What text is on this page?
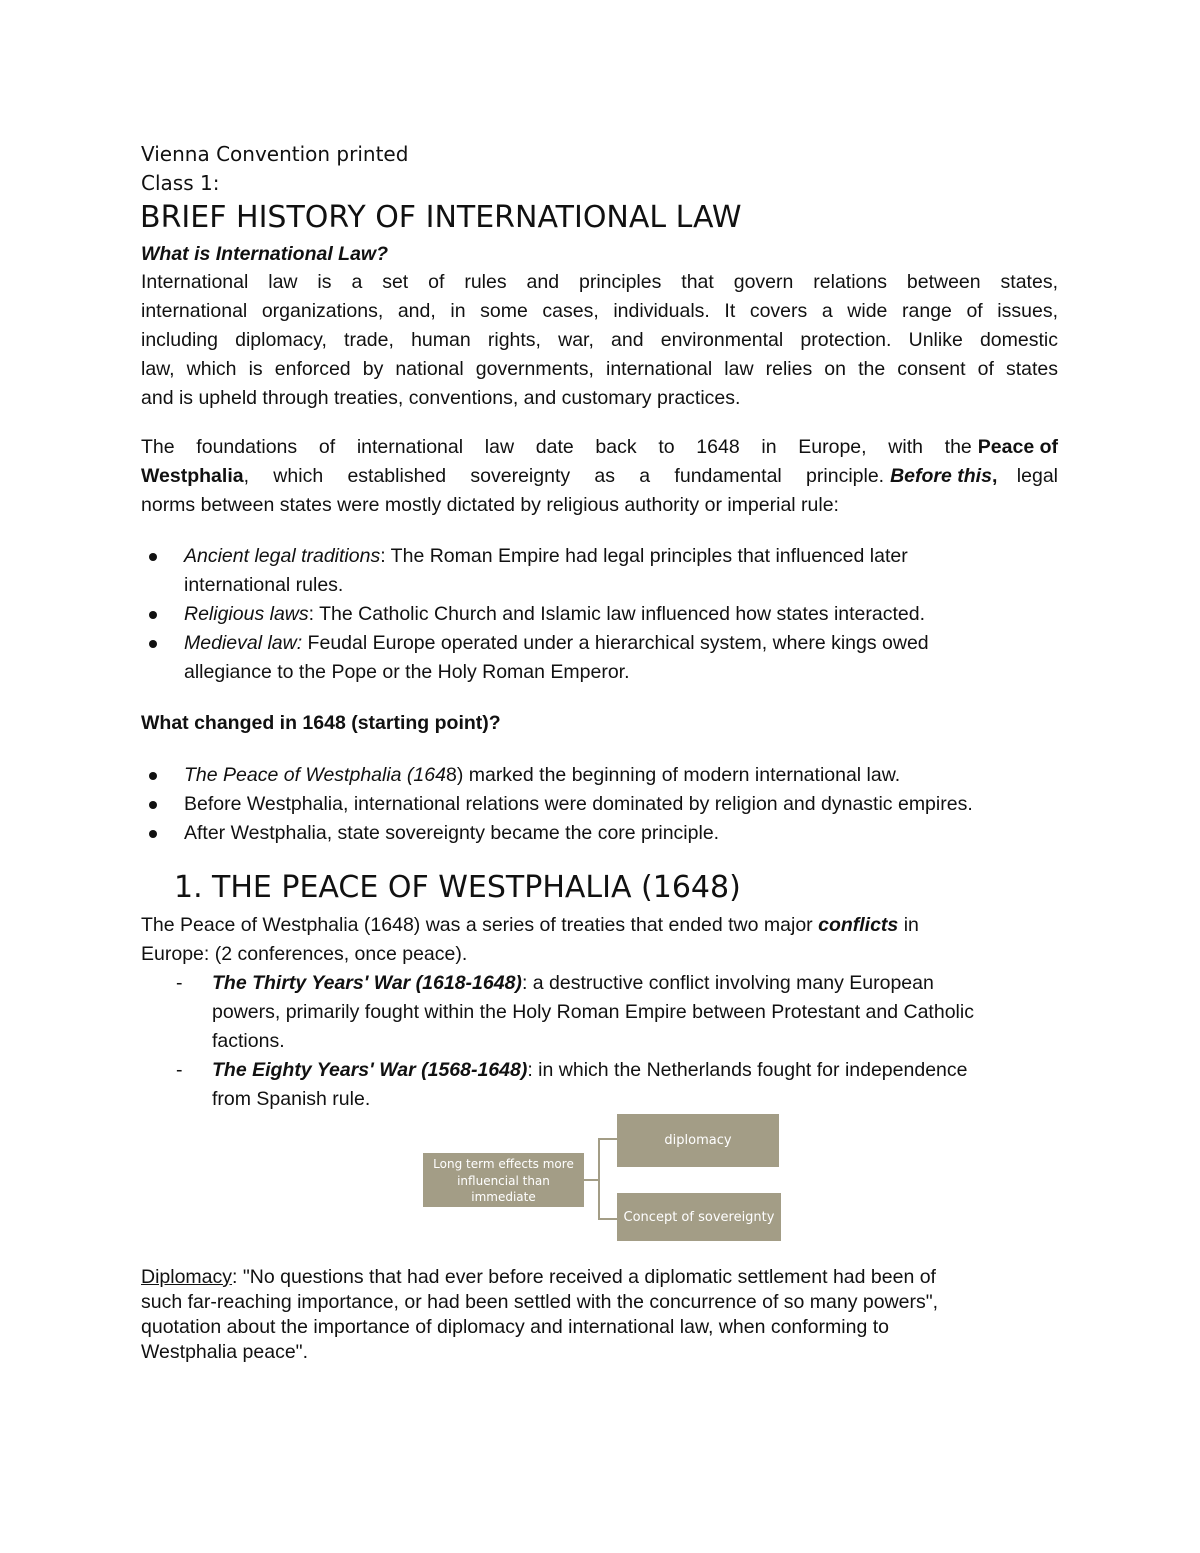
Vienna Convention printed
Class 1:
BRIEF HISTORY OF INTERNATIONAL LAW
What is International Law?
International law is a set of rules and principles that govern relations between states,
international organizations, and, in some cases, individuals. It covers a wide range of issues,
including diplomacy, trade, human rights, war, and environmental protection. Unlike domestic
law, which is enforced by national governments, international law relies on the consent of states
and is upheld through treaties, conventions, and customary practices.
The foundations of international law date back to 1648 in Europe, with the Peace of
Westphalia , which established sovereignty as a fundamental principle. Before this, legal
norms between states were mostly dictated by religious authority or imperial rule:
Ancient legal traditions: The Roman Empire had legal principles that influenced later
international rules.
Religious laws: The Catholic Church and Islamic law influenced how states interacted.
Medieval law: Feudal Europe operated under a hierarchical system, where kings owed
allegiance to the Pope or the Holy Roman Emperor.
What changed in 1648 (starting point)?
The Peace of Westphalia (1648) marked the beginning of modern international law.
Before Westphalia, international relations were dominated by religion and dynastic empires.
After Westphalia, state sovereignty became the core principle.
1. THE PEACE OF WESTPHALIA (1648)
The Peace of Westphalia (1648) was a series of treaties that ended two major conflicts in
Europe: (2 conferences, once peace).
- The Thirty Years' War (1618-1648): a destructive conflict involving many European
powers, primarily fought within the Holy Roman Empire between Protestant and Catholic
factions.
- The Eighty Years' War (1568-1648): in which the Netherlands fought for independence
from Spanish rule.
Long term effects more
influencial than immediate
land and power shifts
diplomacy
Concept of sovereignty
Diplomacy: "No questions that had ever before received a diplomatic settlement had been of
such far-reaching importance, or had been settled with the concurrence of so many powers",
quotation about the importance of diplomacy and international law, when conforming to
Westphalia peace".
